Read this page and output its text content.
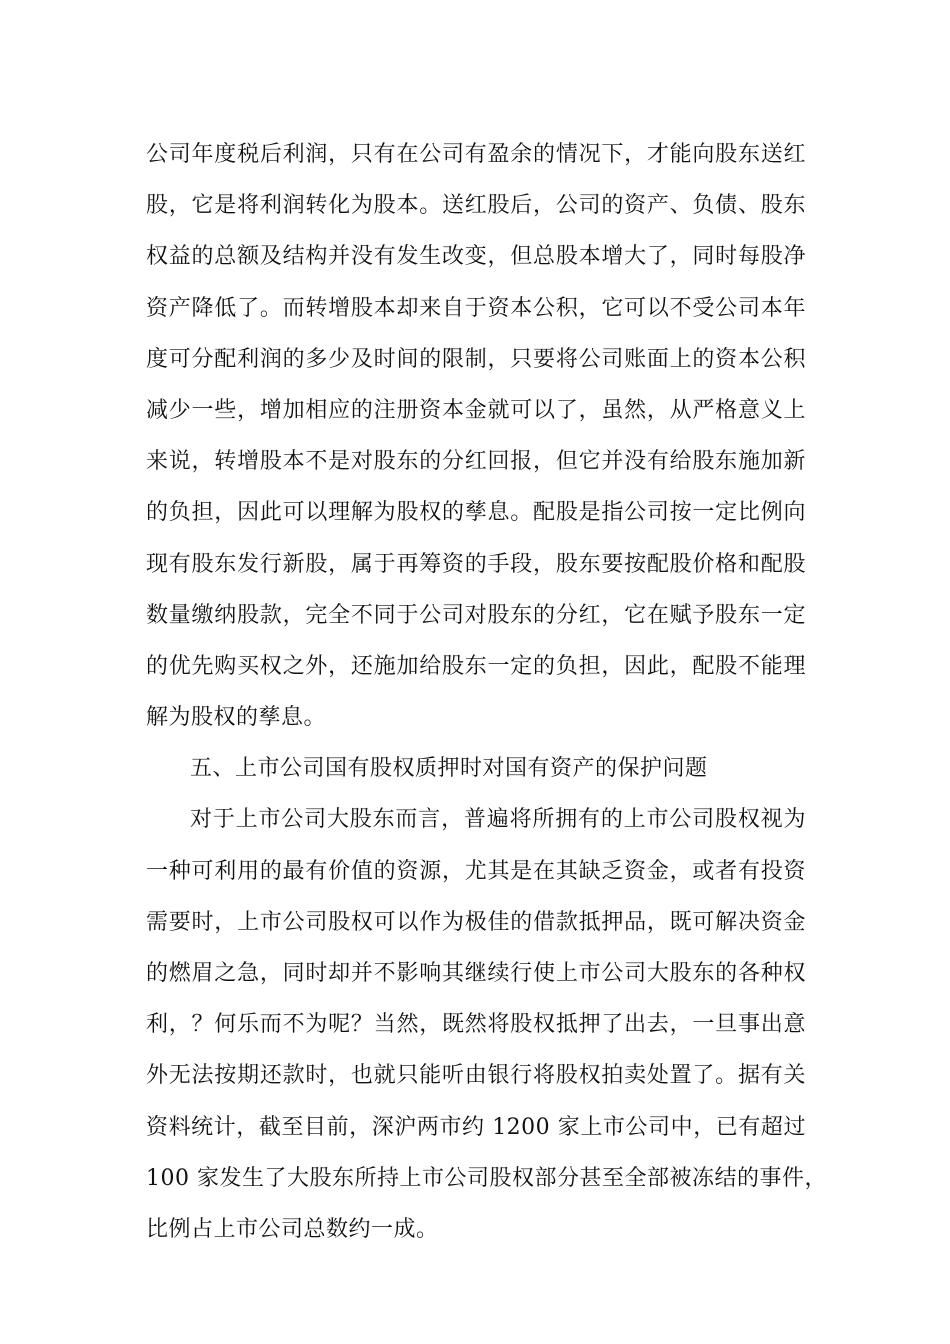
公司年度税后利润，只有在公司有盈余的情况下，才能向股东送红
股，它是将利润转化为股本。送红股后，公司的资产、负债、股东
权益的总额及结构并没有发生改变，但总股本增大了，同时每股净
资产降低了。而转增股本却来自于资本公积，它可以不受公司本年
度可分配利润的多少及时间的限制，只要将公司账面上的资本公积
减少一些，增加相应的注册资本金就可以了，虽然，从严格意义上
来说，转增股本不是对股东的分红回报，但它并没有给股东施加新
的负担，因此可以理解为股权的孳息。配股是指公司按一定比例向
现有股东发行新股，属于再筹资的手段，股东要按配股价格和配股
数量缴纳股款，完全不同于公司对股东的分红，它在赋予股东一定
的优先购买权之外，还施加给股东一定的负担，因此，配股不能理
解为股权的孳息。
五、上市公司国有股权质押时对国有资产的保护问题
对于上市公司大股东而言，普遍将所拥有的上市公司股权视为
一种可利用的最有价值的资源，尤其是在其缺乏资金，或者有投资
需要时，上市公司股权可以作为极佳的借款抵押品，既可解决资金
的燃眉之急，同时却并不影响其继续行使上市公司大股东的各种权
利，？何乐而不为呢？当然，既然将股权抵押了出去，一旦事出意
外无法按期还款时，也就只能听由银行将股权拍卖处置了。据有关
资料统计，截至目前，深沪两市约 1200 家上市公司中，已有超过
100 家发生了大股东所持上市公司股权部分甚至全部被冻结的事件，
比例占上市公司总数约一成。
